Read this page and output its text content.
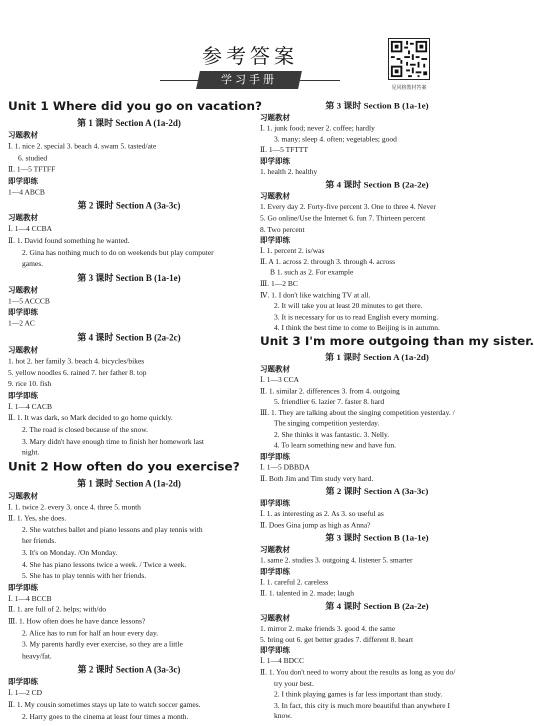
参考答案
学习手册
见风格教材答案
Unit 1 Where did you go on vacation?
第 1 课时 Section A (1a-2d)
习题教材
Ⅰ. 1. nice 2. special 3. beach 4. swam 5. tasted/ate
6. studied
Ⅱ. 1—5 TFTFF
即学即练
1—4 ABCB
第 2 课时 Section A (3a-3c)
习题教材
Ⅰ. 1—4 CCBA
Ⅱ. 1. David found something he wanted.
2. Gina has nothing much to do on weekends but play computer
games.
第 3 课时 Section B (1a-1e)
习题教材
1—5 ACCCB
即学即练
1—2 AC
第 4 课时 Section B (2a-2c)
习题教材
1. hot 2. her family 3. beach 4. bicycles/bikes
5. yellow noodles 6. rained 7. her father 8. top
9. rice 10. fish
即学即练
Ⅰ. 1—4 CACB
Ⅱ. 1. It was dark, so Mark decided to go home quickly.
2. The road is closed because of the snow.
3. Mary didn't have enough time to finish her homework last
night.
Unit 2 How often do you exercise?
第 1 课时 Section A (1a-2d)
习题教材
Ⅰ. 1. twice 2. every 3. once 4. three 5. month
Ⅱ. 1. Yes, she does.
2. She watches ballet and piano lessons and play tennis with
her friends.
3. It's on Monday. /On Monday.
4. She has piano lessons twice a week. / Twice a week.
5. She has to play tennis with her friends.
即学即练
Ⅰ. 1—4 BCCB
Ⅱ. 1. are full of 2. helps; with/do
Ⅲ. 1. How often does he have dance lessons?
2. Alice has to run for half an hour every day.
3. My parents hardly ever exercise, so they are a little
heavy/fat.
第 2 课时 Section A (3a-3c)
即学即练
Ⅰ. 1—2 CD
Ⅱ. 1. My cousin sometimes stays up late to watch soccer games.
2. Harry goes to the cinema at least four times a month.
第 3 课时 Section B (1a-1e)
习题教材
Ⅰ. 1. junk food; never 2. coffee; hardly
3. many; sleep 4. often; vegetables; good
Ⅱ. 1—5 TFTTT
即学即练
1. health 2. healthy
第 4 课时 Section B (2a-2e)
习题教材
1. Every day 2. Forty-five percent 3. One to three 4. Never
5. Go online/Use the Internet 6. fun 7. Thirteen percent
8. Two percent
即学即练
Ⅰ. 1. percent 2. is/was
Ⅱ. A 1. across 2. through 3. through 4. across
B 1. such as 2. For example
Ⅲ. 1—2 BC
Ⅳ. 1. I don't like watching TV at all.
2. It will take you at least 20 minutes to get there.
3. It is necessary for us to read English every morning.
4. I think the best time to come to Beijing is in autumn.
Unit 3 I'm more outgoing than my sister.
第 1 课时 Section A (1a-2d)
习题教材
Ⅰ. 1—3 CCA
Ⅱ. 1. similar 2. differences 3. from 4. outgoing
5. friendlier 6. lazier 7. faster 8. hard
Ⅲ. 1. They are talking about the singing competition yesterday. /
The singing competition yesterday.
2. She thinks it was fantastic. 3. Nelly.
4. To learn something new and have fun.
即学即练
Ⅰ. 1—5 DBBDA
Ⅱ. Both Jim and Tim study very hard.
第 2 课时 Section A (3a-3c)
即学即练
Ⅰ. 1. as interesting as 2. As 3. so useful as
Ⅱ. Does Gina jump as high as Anna?
第 3 课时 Section B (1a-1e)
习题教材
1. same 2. studies 3. outgoing 4. listener 5. smarter
即学即练
Ⅰ. 1. careful 2. careless
Ⅱ. 1. talented in 2. made; laugh
第 4 课时 Section B (2a-2e)
习题教材
1. mirror 2. make friends 3. good 4. the same
5. bring out 6. get better grades 7. different 8. heart
即学即练
Ⅰ. 1—4 BDCC
Ⅱ. 1. You don't need to worry about the results as long as you do/
try your best.
2. I think playing games is far less important than study.
3. In fact, this city is much more beautiful than anywhere I
know.
